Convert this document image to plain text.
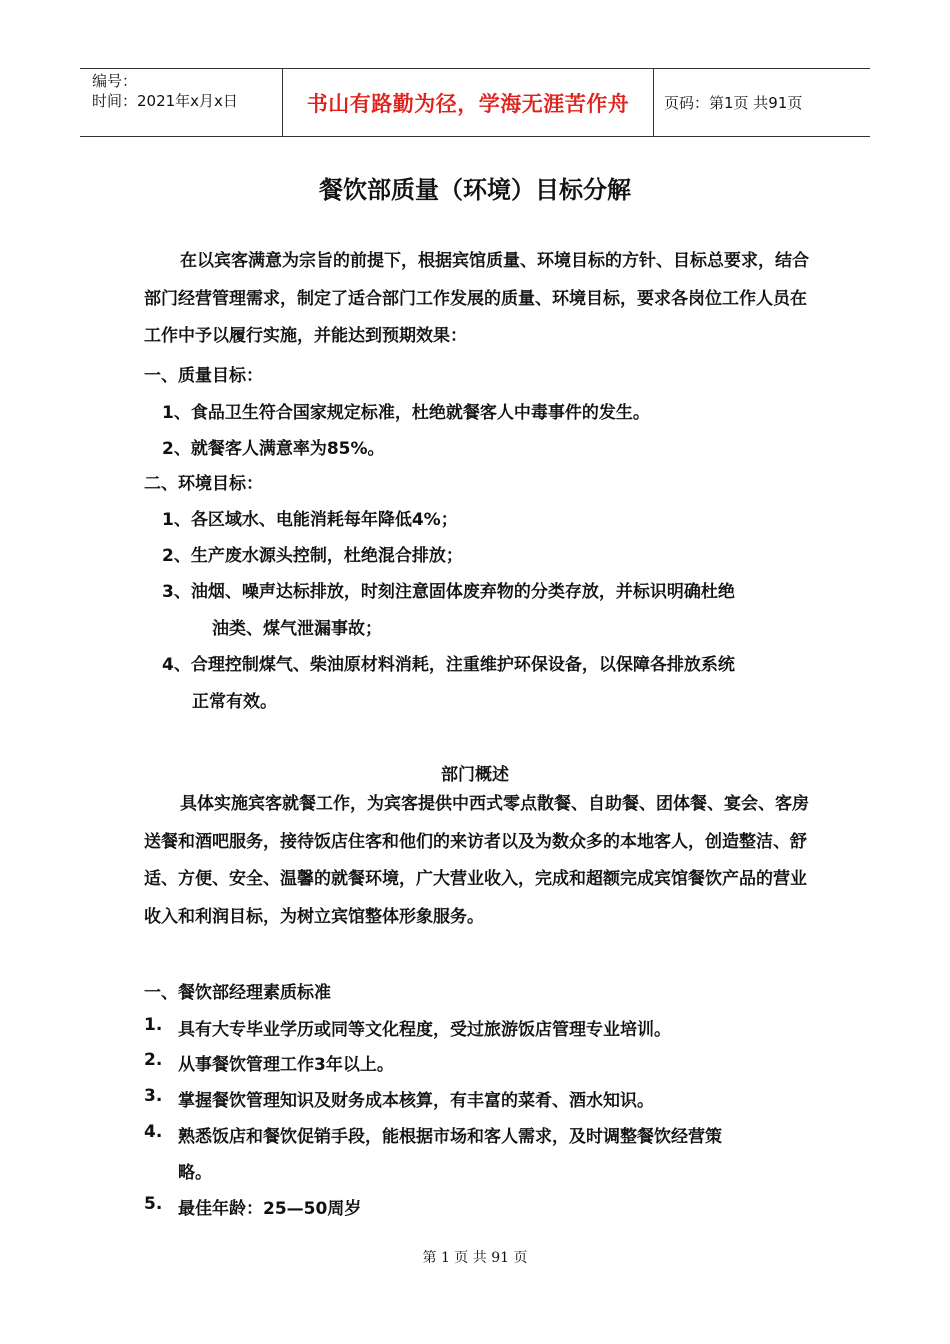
编号：
时间：2021年x月x日	书山有路勤为径，学海无涯苦作舟 页码：第1页 共91页
餐饮部质量（环境）目标分解
在以宾客满意为宗旨的前提下，根据宾馆质量、环境目标的方针、目标总要求，结合部门经营管理需求，制定了适合部门工作发展的质量、环境目标，要求各岗位工作人员在工作中予以履行实施，并能达到预期效果：
一、质量目标：
1、食品卫生符合国家规定标准，杜绝就餐客人中毒事件的发生。
2、就餐客人满意率为85%。
二、环境目标：
1、各区域水、电能消耗每年降低4%；
2、生产废水源头控制，杜绝混合排放；
3、油烟、噪声达标排放，时刻注意固体废弃物的分类存放，并标识明确杜绝
油类、煤气泄漏事故；
4、合理控制煤气、柴油原材料消耗，注重维护环保设备，以保障各排放系统
正常有效。
部门概述
具体实施宾客就餐工作，为宾客提供中西式零点散餐、自助餐、团体餐、宴会、客房送餐和酒吧服务，接待饭店住客和他们的来访者以及为数众多的本地客人，创造整洁、舒适、方便、安全、温馨的就餐环境，广大营业收入，完成和超额完成宾馆餐饮产品的营业收入和利润目标，为树立宾馆整体形象服务。
一、餐饮部经理素质标准
1. 具有大专毕业学历或同等文化程度，受过旅游饭店管理专业培训。
2. 从事餐饮管理工作3年以上。
3. 掌握餐饮管理知识及财务成本核算，有丰富的菜肴、酒水知识。
4. 熟悉饭店和餐饮促销手段，能根据市场和客人需求，及时调整餐饮经营策
略。
5. 最佳年龄：25—50周岁
第 1 页 共 91 页
